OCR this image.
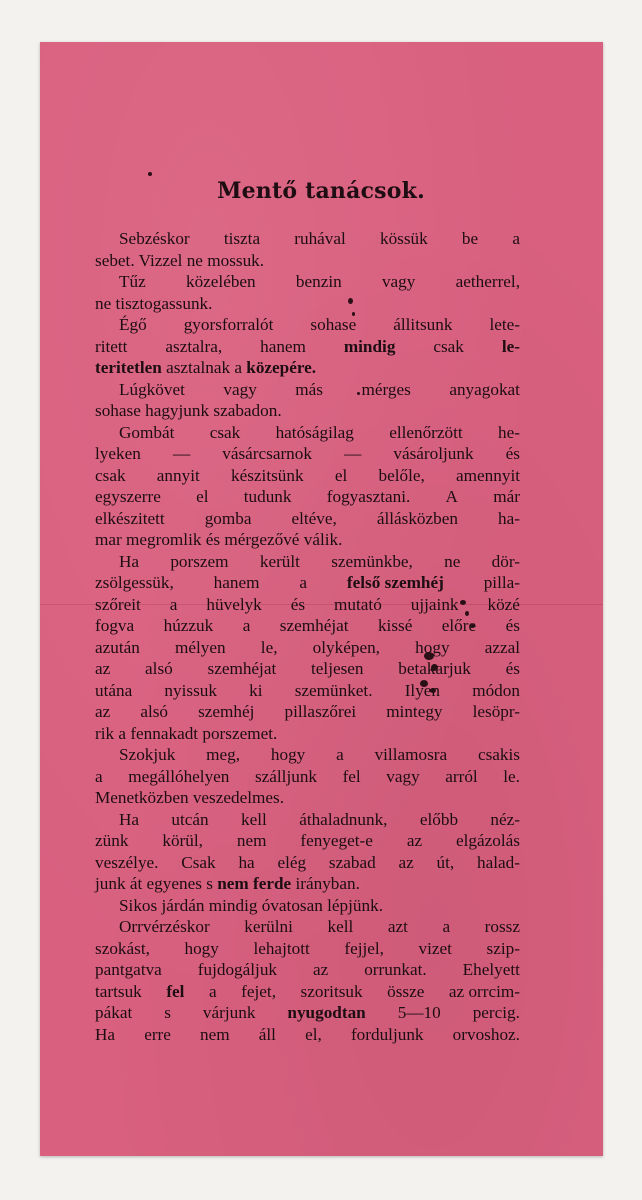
Mentő tanácsok.
Sebzéskor tiszta ruhával kössük be a
sebet. Vizzel ne mossuk.
Tűz közelében benzin vagy aetherrel,
ne tisztogassunk.
Égő gyorsforralót sohase állitsunk lete-
ritett asztalra, hanem mindig csak le-
teritetlen asztalnak a közepére.
Lúgkövet vagy más mérges anyagokat
sohase hagyjunk szabadon.
Gombát csak hatóságilag ellenőrzött he-
lyeken — vásárcsarnok — vásároljunk és
csak annyit készitsünk el belőle, amennyit
egyszerre el tudunk fogyasztani. A már
elkészitett gomba eltéve, állásközben ha-
mar megromlik és mérgezővé válik.
Ha porszem került szemünkbe, ne dör-
zsölgessük, hanem a felső szemhéj pilla-
szőreit a hüvelyk és mutató ujjaink közé
fogva húzzuk a szemhéjat kissé előre és
azután mélyen le, olyképen, hogy azzal
az alsó szemhéjat teljesen betakarjuk és
utána nyissuk ki szemünket. Ilyen módon
az alsó szemhéj pillaszőrei mintegy lesöpr-
rik a fennakadt porszemet.
Szokjuk meg, hogy a villamosra csakis
a megállóhelyen szálljunk fel vagy arról le.
Menetközben veszedelmes.
Ha utcán kell áthaladnunk, előbb néz-
zünk körül, nem fenyeget-e az elgázolás
veszélye. Csak ha elég szabad az út, halad-
junk át egyenes s nem ferde irányban.
Sikos járdán mindig óvatosan lépjünk.
Orrvérzéskor kerülni kell azt a rossz
szokást, hogy lehajtott fejjel, vizet szip-
pantgatva fujdogáljuk az orrunkat. Ehelyett
tartsuk fel a fejet, szoritsuk össze az orrcim-
pákat s várjunk nyugodtan 5—10 percig.
Ha erre nem áll el, forduljunk orvoshoz.
